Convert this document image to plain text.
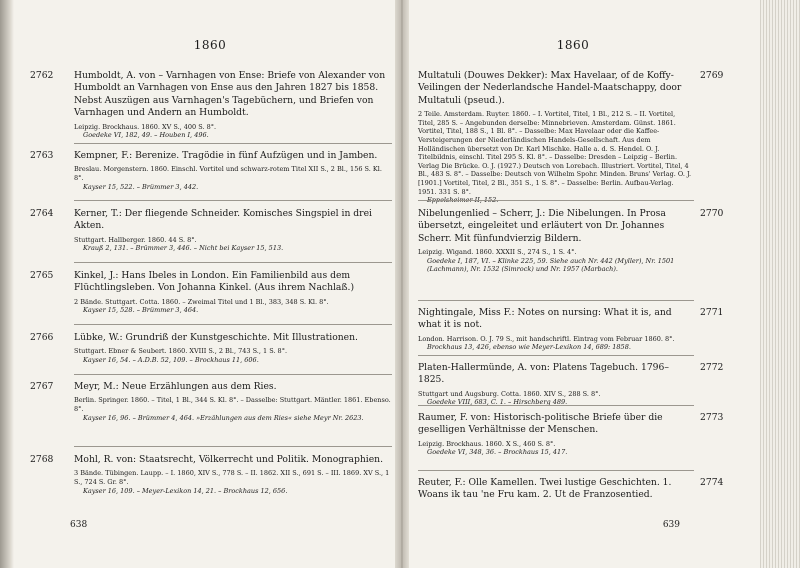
1860
2762 Humboldt, A. von – Varnhagen von Ense: Briefe von Alexander von Humboldt an Varnhagen von Ense aus den Jahren 1827 bis 1858. Nebst Auszügen aus Varnhagen's Tagebüchern, und Briefen von Varnhagen und Andern an Humboldt.

Leipzig. Brockhaus. 1860. XV S., 400 S. 8°.

Goedeke VI, 182, 49. – Houben I, 496.

2763 Kempner, F.: Berenize. Tragödie in fünf Aufzügen und in Jamben.

Breslau. Morgenstern. 1860. Einschl. Vortitel und schwarz-rotem Titel XII S., 2 Bl., 156 S. Kl. 8°.

Kayser 15, 522. – Brümmer 3, 442.

2764 Kerner, T.: Der fliegende Schneider. Komisches Singspiel in drei Akten.

Stuttgart. Hallberger. 1860. 44 S. 8°.

Krauß 2, 131. – Brümmer 3, 446. – Nicht bei Kayser 15, 513.

2765 Kinkel, J.: Hans Ibeles in London. Ein Familienbild aus dem Flüchtlingsleben. Von Johanna Kinkel. (Aus ihrem Nachlaß.)

2 Bände. Stuttgart. Cotta. 1860. – Zweimal Titel und 1 Bl., 383, 348 S. Kl. 8°.

Kayser 15, 528. – Brümmer 3, 464.

2766 Lübke, W.: Grundriß der Kunstgeschichte. Mit Illustrationen.

Stuttgart. Ebner & Seubert. 1860. XVIII S., 2 Bl., 743 S., 1 S. 8°.

Kayser 16, 54. – A.D.B. 52, 109. – Brockhaus 11, 606.

2767 Meyr, M.: Neue Erzählungen aus dem Ries.

Berlin. Springer. 1860. – Titel, 1 Bl., 344 S. Kl. 8°. – Dasselbe: Stuttgart. Mäntler. 1861. Ebenso. 8°.

Kayser 16, 96. – Brümmer 4, 464. »Erzählungen aus dem Ries« siehe Meyr Nr. 2623.

2768 Mohl, R. von: Staatsrecht, Völkerrecht und Politik. Monographien.

3 Bände. Tübingen. Laupp. – I. 1860, XIV S., 778 S. – II. 1862. XII S., 691 S. – III. 1869. XV S., 1 S., 724 S. Gr. 8°.

Kayser 16, 109. – Meyer-Lexikon 14, 21. – Brockhaus 12, 656.

638
1860
2769

Multatuli (Douwes Dekker): Max Havelaar, of de Koffy-Veilingen der Nederlandsche Handel-Maatschappy, door Multatuli (pseud.).

2 Teile. Amsterdam. Ruyter. 1860. – I. Vortitel, Titel, 1 Bl., 212 S. – II. Vortitel, Titel, 285 S. – Angebunden derselbe: Minnebrieven. Amsterdam. Günst. 1861. Vortitel, Titel, 188 S., 1 Bl. 8°. – Dasselbe: Max Havelaar oder die Kaffee-Versteigerungen der Niederländischen Handels-Gesellschaft. Aus dem Holländischen übersetzt von Dr. Karl Mischke. Halle a. d. S. Hendel. O. J. Titelbildnis, einschl. Titel 295 S. Kl. 8°. – Dasselbe: Dresden – Leipzig – Berlin. Verlag Die Brücke. O. J. (1927.) Deutsch von Lorebach. Illustriert. Vortitel, Titel, 4 Bl., 483 S. 8°. – Dasselbe: Deutsch von Wilhelm Spohr. Minden. Bruns' Verlag. O. J. [1901.] Vortitel, Titel, 2 Bl., 351 S., 1 S. 8°. – Dasselbe: Berlin. Aufbau-Verlag. 1951. 331 S. 8°.

Eppelsheimer II, 152.

2770

Nibelungenlied – Scherr, J.: Die Nibelungen. In Prosa übersetzt, eingeleitet und erläutert von Dr. Johannes Scherr. Mit fünfundvierzig Bildern.

Leipzig. Wigand. 1860. XXXII S., 274 S., 1 S. 4°.

Goedeke I, 187, VI. – Klinke 225, 59. Siehe auch Nr. 442 (Myller), Nr. 1501 (Lachmann), Nr. 1532 (Simrock) und Nr. 1957 (Marbach).

2771

Nightingale, Miss F.: Notes on nursing: What it is, and what it is not.

London. Harrison. O. J. 79 S., mit handschriftl. Eintrag vom Februar 1860. 8°.

Brockhaus 13, 426, ebenso wie Meyer-Lexikon 14, 689: 1858.

2772

Platen-Hallermünde, A. von: Platens Tagebuch. 1796–1825.

Stuttgart und Augsburg. Cotta. 1860. XIV S., 288 S. 8°.

Goedeke VIII, 683, C. 1. – Hirschberg 489.

2773

Raumer, F. von: Historisch-politische Briefe über die geselligen Verhältnisse der Menschen.

Leipzig. Brockhaus. 1860. X S., 460 S. 8°.

Goedeke VI, 348, 36. – Brockhaus 15, 417.

2774

Reuter, F.: Olle Kamellen. Twei lustige Geschichten. 1. Woans ik tau 'ne Fru kam. 2. Ut de Franzosentied.

639
